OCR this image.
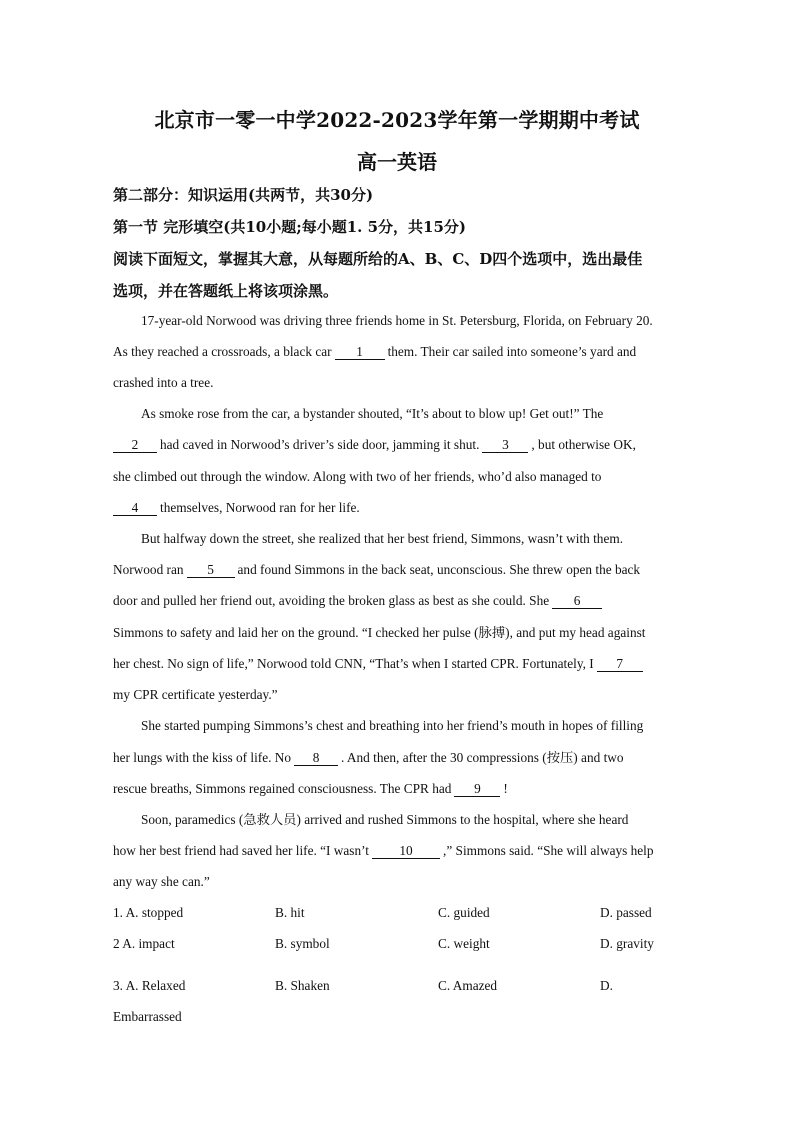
北京市一零一中学2022-2023学年第一学期期中考试
高一英语
第二部分：知识运用(共两节，共30分)
第一节 完形填空(共10小题;每小题1. 5分，共15分)
阅读下面短文，掌握其大意，从每题所给的A、B、C、D四个选项中，选出最佳
选项，并在答题纸上将该项涂黑。
17-year-old Norwood was driving three friends home in St. Petersburg, Florida, on February 20.
As they reached a crossroads, a black car 1 them. Their car sailed into someone’s yard and
crashed into a tree.
As smoke rose from the car, a bystander shouted, “It’s about to blow up! Get out!” The
2 had caved in Norwood’s driver’s side door, jamming it shut. 3 , but otherwise OK,
she climbed out through the window. Along with two of her friends, who’d also managed to
4 themselves, Norwood ran for her life.
But halfway down the street, she realized that her best friend, Simmons, wasn’t with them.
Norwood ran 5 and found Simmons in the back seat, unconscious. She threw open the back
door and pulled her friend out, avoiding the broken glass as best as she could. She 6
Simmons to safety and laid her on the ground. “I checked her pulse (脉搏), and put my head against
her chest. No sign of life,” Norwood told CNN, “That’s when I started CPR. Fortunately, I 7
my CPR certificate yesterday.”
She started pumping Simmons’s chest and breathing into her friend’s mouth in hopes of filling
her lungs with the kiss of life. No 8 . And then, after the 30 compressions (按压) and two
rescue breaths, Simmons regained consciousness. The CPR had 9 !
Soon, paramedics (急救人员) arrived and rushed Simmons to the hospital, where she heard
how her best friend had saved her life. “I wasn’t 10 ,” Simmons said. “She will always help
any way she can.”
1. A. stopped	B. hit	C. guided	D. passed
2 A. impact	B. symbol	C. weight	D. gravity
3. A. Relaxed	B. Shaken	C. Amazed	D.
Embarrassed
